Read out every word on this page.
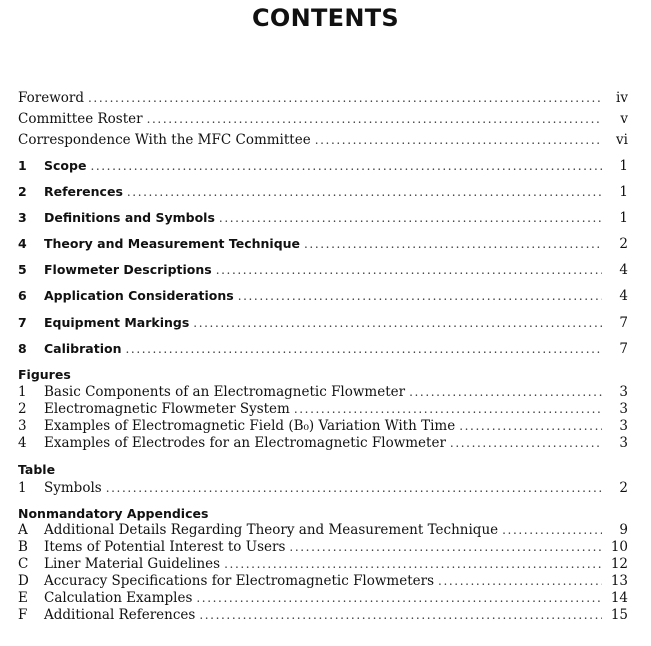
CONTENTS
Foreword .....	iv
Committee Roster .....	v
Correspondence With the MFC Committee .....	vi
1	Scope .....	1
2	References .....	1
3	Definitions and Symbols .....	1
4	Theory and Measurement Technique .....	2
5	Flowmeter Descriptions .....	4
6	Application Considerations .....	4
7	Equipment Markings .....	7
8	Calibration .....	7
Figures
1	Basic Components of an Electromagnetic Flowmeter .....	3
2	Electromagnetic Flowmeter System .....	3
3	Examples of Electromagnetic Field (B₀) Variation With Time .....	3
4	Examples of Electrodes for an Electromagnetic Flowmeter .....	3
Table
1	Symbols .....	2
Nonmandatory Appendices
A	Additional Details Regarding Theory and Measurement Technique .....	9
B	Items of Potential Interest to Users .....	10
C	Liner Material Guidelines .....	12
D	Accuracy Specifications for Electromagnetic Flowmeters .....	13
E	Calculation Examples .....	14
F	Additional References .....	15
